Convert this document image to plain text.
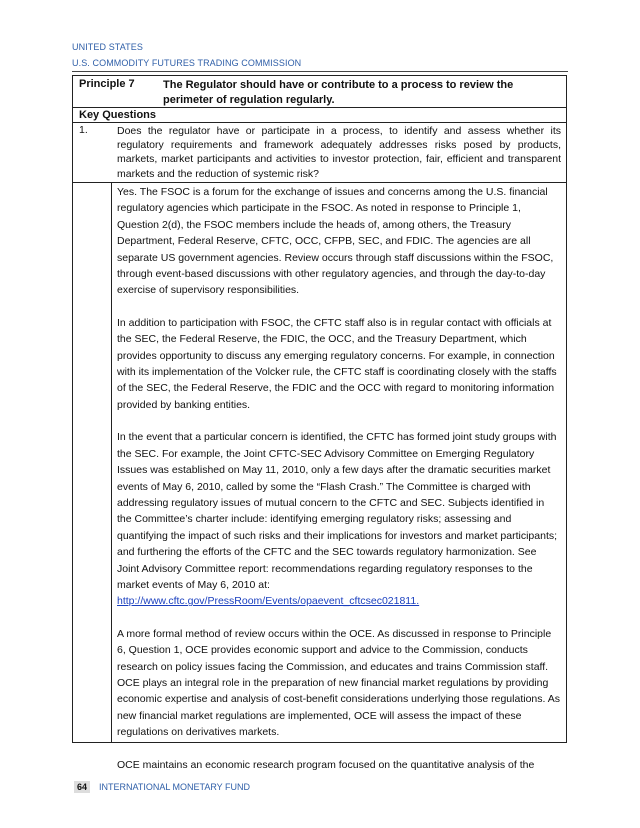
UNITED STATES
U.S. COMMODITY FUTURES TRADING COMMISSION
Principle 7	The Regulator should have or contribute to a process to review the perimeter of regulation regularly.
Key Questions
1.	Does the regulator have or participate in a process, to identify and assess whether its regulatory requirements and framework adequately addresses risks posed by products, markets, market participants and activities to investor protection, fair, efficient and transparent markets and the reduction of systemic risk?

Yes. The FSOC is a forum for the exchange of issues and concerns among the U.S. financial regulatory agencies which participate in the FSOC. As noted in response to Principle 1, Question 2(d), the FSOC members include the heads of, among others, the Treasury Department, Federal Reserve, CFTC, OCC, CFPB, SEC, and FDIC. The agencies are all separate US government agencies. Review occurs through staff discussions within the FSOC, through event-based discussions with other regulatory agencies, and through the day-to-day exercise of supervisory responsibilities.

In addition to participation with FSOC, the CFTC staff also is in regular contact with officials at the SEC, the Federal Reserve, the FDIC, the OCC, and the Treasury Department, which provides opportunity to discuss any emerging regulatory concerns. For example, in connection with its implementation of the Volcker rule, the CFTC staff is coordinating closely with the staffs of the SEC, the Federal Reserve, the FDIC and the OCC with regard to monitoring information provided by banking entities.

In the event that a particular concern is identified, the CFTC has formed joint study groups with the SEC. For example, the Joint CFTC-SEC Advisory Committee on Emerging Regulatory Issues was established on May 11, 2010, only a few days after the dramatic securities market events of May 6, 2010, called by some the “Flash Crash.” The Committee is charged with addressing regulatory issues of mutual concern to the CFTC and SEC. Subjects identified in the Committee’s charter include: identifying emerging regulatory risks; assessing and quantifying the impact of such risks and their implications for investors and market participants; and furthering the efforts of the CFTC and the SEC towards regulatory harmonization. See Joint Advisory Committee report: recommendations regarding regulatory responses to the market events of May 6, 2010 at:
http://www.cftc.gov/PressRoom/Events/opaevent_cftcsec021811.

A more formal method of review occurs within the OCE. As discussed in response to Principle 6, Question 1, OCE provides economic support and advice to the Commission, conducts research on policy issues facing the Commission, and educates and trains Commission staff. OCE plays an integral role in the preparation of new financial market regulations by providing economic expertise and analysis of cost-benefit considerations underlying those regulations. As new financial market regulations are implemented, OCE will assess the impact of these regulations on derivatives markets.

OCE maintains an economic research program focused on the quantitative analysis of the

64	INTERNATIONAL MONETARY FUND
